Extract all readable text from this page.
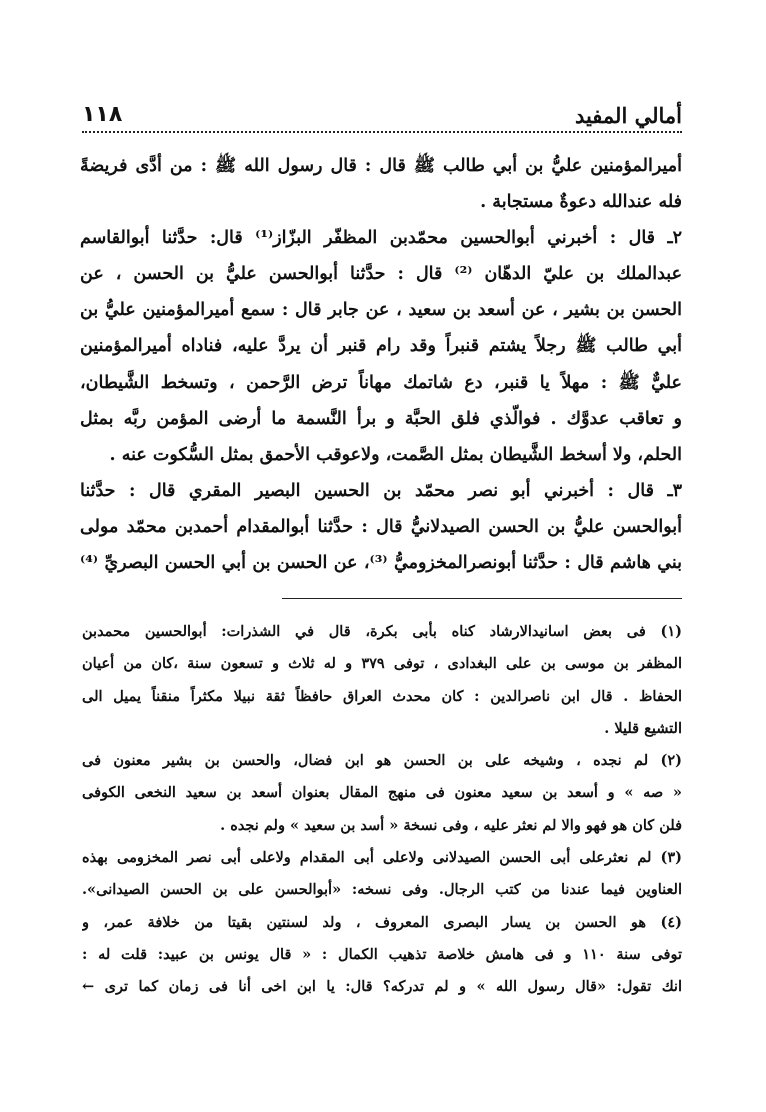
أمالي المفيد
١١٨
أميرالمؤمنين عليُّ بن أبي طالب ﷺ قال : قال رسول الله ﷺ : من أدَّى فريضةً
فله عندالله دعوةٌ مستجابة .
٢ـ قال : أخبرني أبوالحسين محمّدبن المظفّر البزّاز⁽¹⁾ قال: حدَّثنا أبوالقاسم
عبدالملك بن عليّ الدهّان ⁽²⁾ قال : حدَّثنا أبوالحسن عليُّ بن الحسن ، عن
الحسن بن بشير ، عن أسعد بن سعيد ، عن جابر قال : سمع أميرالمؤمنين عليُّ بن
أبي طالب ﷺ رجلاً يشتم قنبراً وقد رام قنبر أن يردَّ عليه، فناداه أميرالمؤمنين
عليٌّ ﷺ : مهلاً يا قنبر، دع شاتمك مهاناً ترض الرَّحمن ، وتسخط الشَّيطان،
و تعاقب عدوَّك . فوالّذي فلق الحبَّة و برأ النَّسمة ما أرضى المؤمن ربَّه بمثل
الحلم، ولا أسخط الشَّيطان بمثل الصَّمت، ولاعوقب الأحمق بمثل السُّكوت عنه .
٣ـ قال : أخبرني أبو نصر محمّد بن الحسين البصير المقري قال : حدَّثنا
أبوالحسن عليُّ بن الحسن الصيدلانيُّ قال : حدَّثنا أبوالمقدام أحمدبن محمّد مولى
بني هاشم قال : حدَّثنا أبونصرالمخزوميُّ ⁽³⁾، عن الحسن بن أبي الحسن البصريِّ ⁽⁴⁾
(١) فى بعض اسانيدالارشاد كناه بأبى بكرة، قال في الشذرات: أبوالحسين محمدبن
المظفر بن موسى بن على البغدادى ، توفى ٣٧٩ و له ثلاث و تسعون سنة ،كان من أعيان
الحفاظ . قال ابن ناصرالدين : كان محدث العراق حافظاً ثقة نبيلا مكثراً منقناً يميل الى
التشيع قليلا .
(٢) لم نجده ، وشيخه على بن الحسن هو ابن فضال، والحسن بن بشير معنون فى
« صه » و أسعد بن سعيد معنون فى منهج المقال بعنوان أسعد بن سعيد النخعى الكوفى
فلن كان هو فهو والا لم نعثر عليه ، وفى نسخة « أسد بن سعيد » ولم نجده .
(٣) لم نعثرعلى أبى الحسن الصيدلانى ولاعلى أبى المقدام ولاعلى أبى نصر المخزومى بهذه
العناوين فيما عندنا من كتب الرجال. وفى نسخه: «أبوالحسن على بن الحسن الصيدانى».
(٤) هو الحسن بن يسار البصرى المعروف ، ولد لسنتين بقيتا من خلافة عمر، و
توفى سنة ١١٠ و فى هامش خلاصة تذهيب الكمال : « قال يونس بن عبيد: قلت له :
انك تقول: «قال رسول الله » و لم تدركه؟ قال: يا ابن اخى أنا فى زمان كما ترى ←
